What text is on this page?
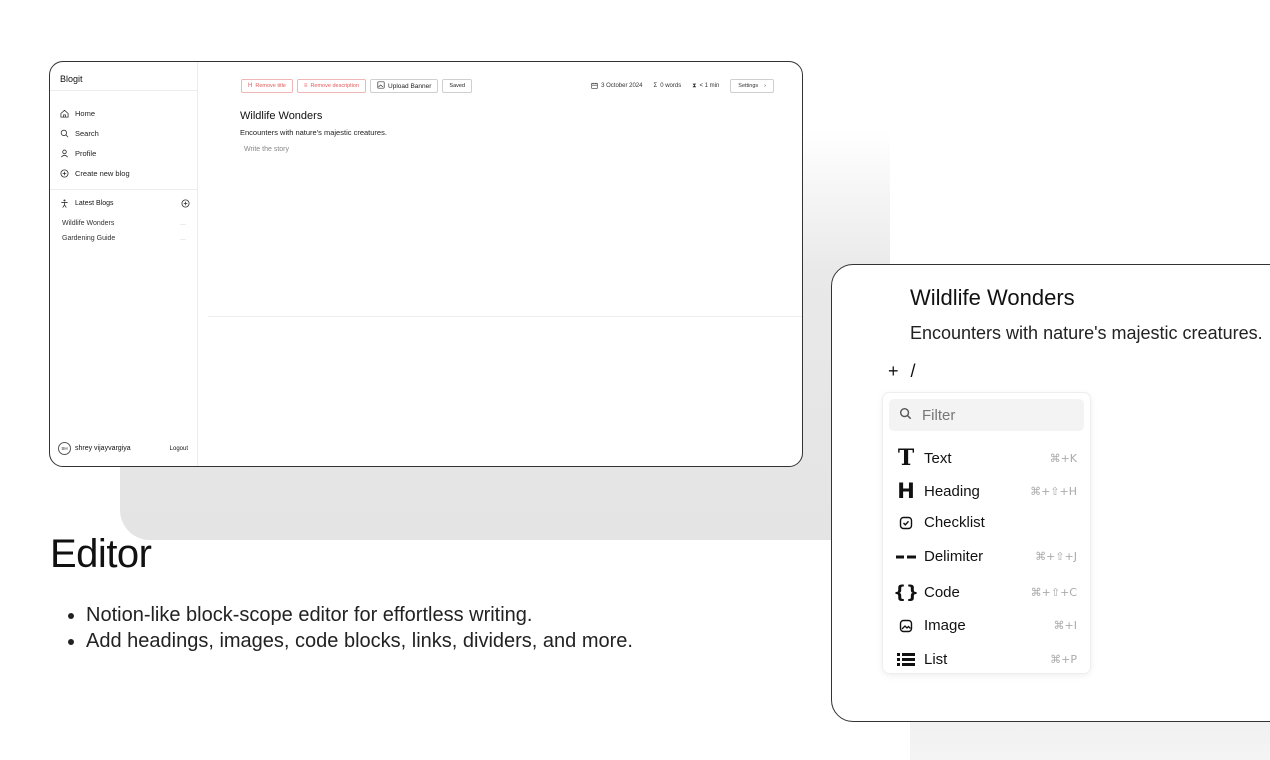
Blogit
Home
Search
Profile
Create new blog
Latest Blogs
Wildlife Wonders	...
Gardening Guide	...
SH	shrey vijayvargiya	Logout
H Remove title	≡ Remove description	Upload Banner	Saved	3 October 2024 Σ 0 words ⧗ < 1 min	Settings ›
Wildlife Wonders
Encounters with nature's majestic creatures.
Write the story
Editor
• Notion-like block-scope editor for effortless writing.
• Add headings, images, code blocks, links, dividers, and more.
Wildlife Wonders
Encounters with nature's majestic creatures.
+ /
Filter
T Text	⌘+K
H Heading	⌘+⇧+H
Checklist
Delimiter	⌘+⇧+J
{} Code	⌘+⇧+C
Image	⌘+I
List	⌘+P
